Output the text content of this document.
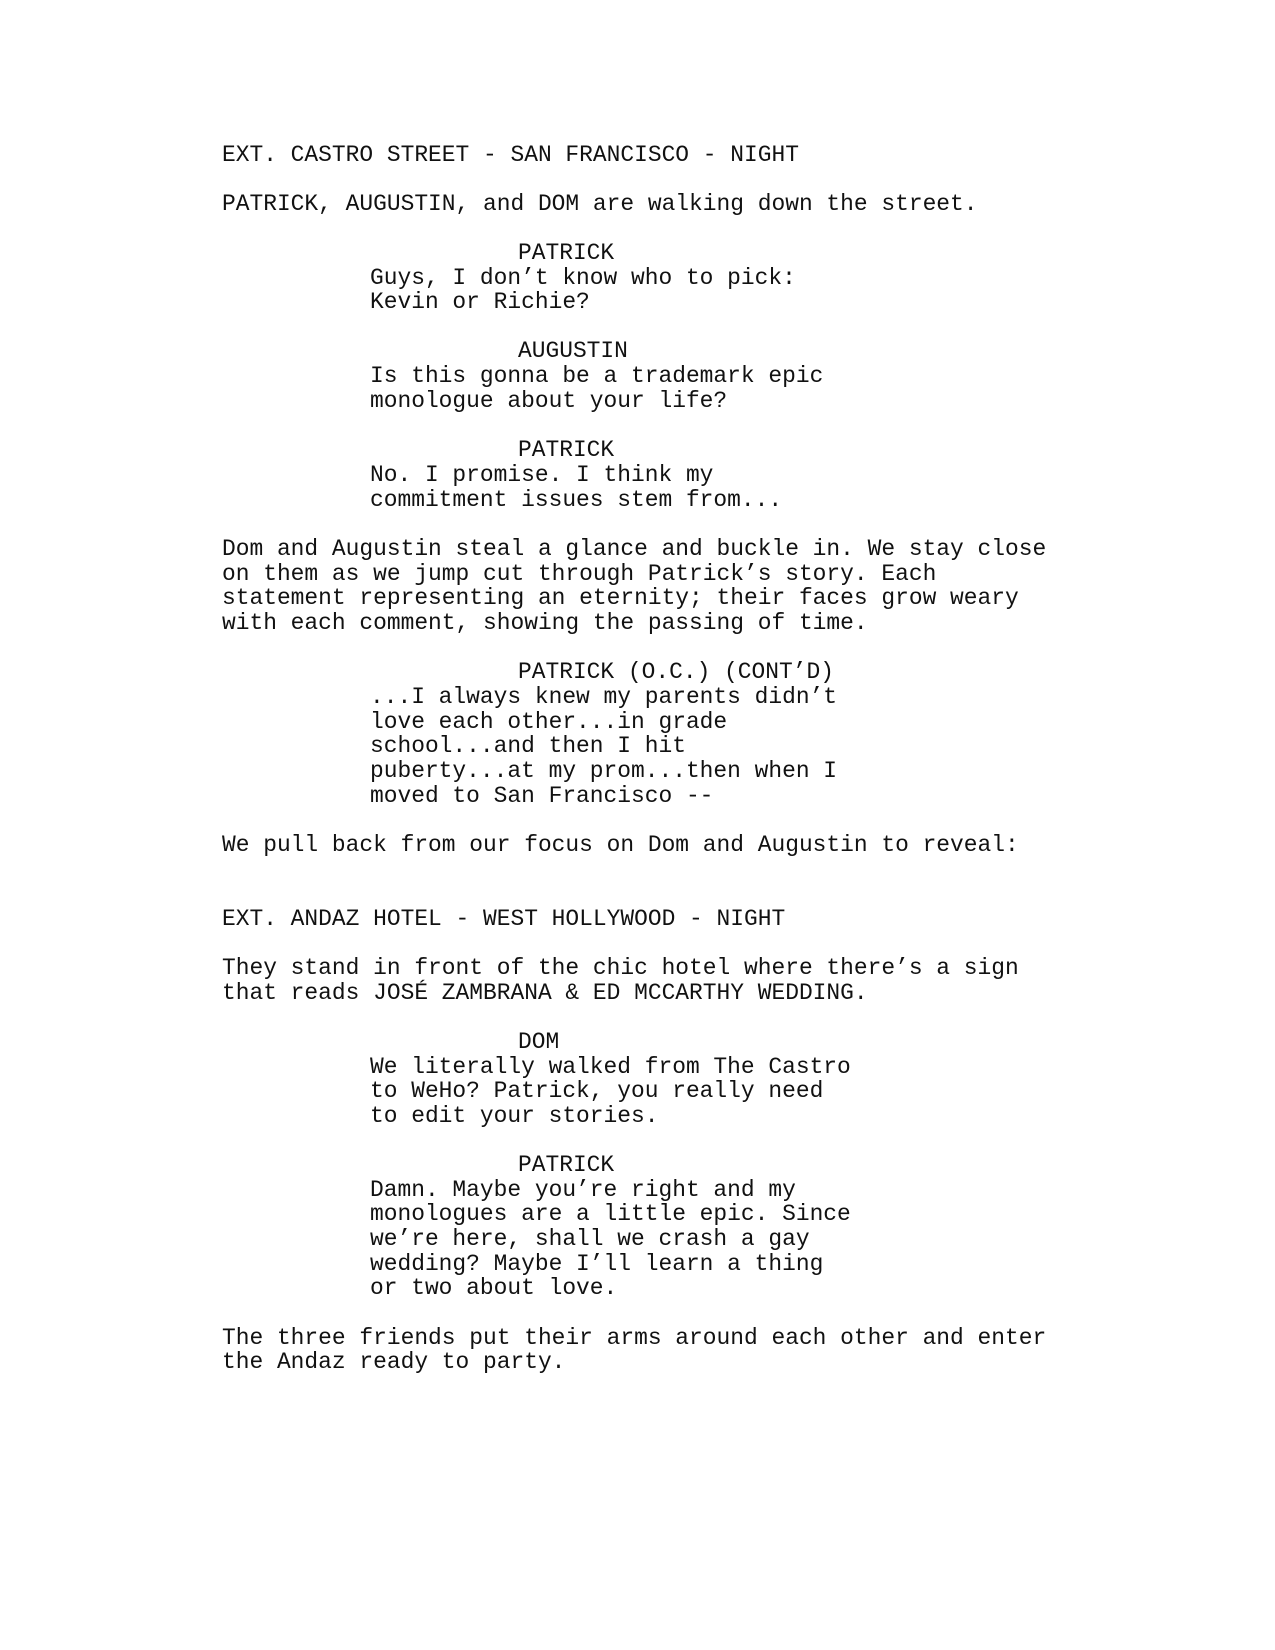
EXT. CASTRO STREET - SAN FRANCISCO - NIGHT

PATRICK, AUGUSTIN, and DOM are walking down the street.

PATRICK

Guys, I don’t know who to pick:

Kevin or Richie?

AUGUSTIN

Is this gonna be a trademark epic

monologue about your life?

PATRICK

No. I promise. I think my

commitment issues stem from...

Dom and Augustin steal a glance and buckle in. We stay close

on them as we jump cut through Patrick’s story. Each

statement representing an eternity; their faces grow weary

with each comment, showing the passing of time.

PATRICK (O.C.) (CONT’D)

...I always knew my parents didn’t

love each other...in grade

school...and then I hit

puberty...at my prom...then when I

moved to San Francisco --

We pull back from our focus on Dom and Augustin to reveal:

EXT. ANDAZ HOTEL - WEST HOLLYWOOD - NIGHT

They stand in front of the chic hotel where there’s a sign

that reads JOSÉ ZAMBRANA & ED MCCARTHY WEDDING.

DOM

We literally walked from The Castro

to WeHo? Patrick, you really need

to edit your stories.

PATRICK

Damn. Maybe you’re right and my

monologues are a little epic. Since

we’re here, shall we crash a gay

wedding? Maybe I’ll learn a thing

or two about love.

The three friends put their arms around each other and enter

the Andaz ready to party.
